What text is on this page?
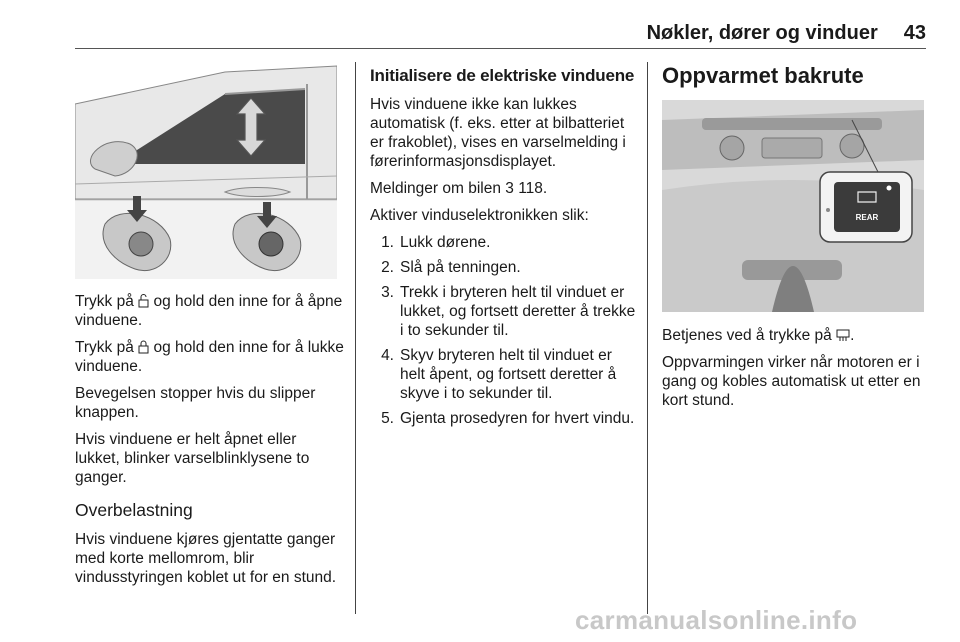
Nøkler, dører og vinduer 43

Trykk på og hold den inne for å åpne vinduene.

Trykk på og hold den inne for å lukke vinduene.

Bevegelsen stopper hvis du slipper knappen.

Hvis vinduene er helt åpnet eller lukket, blinker varselblinklysene to ganger.

Overbelastning

Hvis vinduene kjøres gjentatte ganger med korte mellomrom, blir vindusstyringen koblet ut for en stund.

Initialisere de elektriske vinduene

Hvis vinduene ikke kan lukkes automatisk (f. eks. etter at bilbatteriet er frakoblet), vises en varselmelding i førerinformasjonsdisplayet.

Meldinger om bilen 3 118.

Aktiver vinduselektronikken slik:

1. Lukk dørene.
2. Slå på tenningen.
3. Trekk i bryteren helt til vinduet er lukket, og fortsett deretter å trekke i to sekunder til.
4. Skyv bryteren helt til vinduet er helt åpent, og fortsett deretter å skyve i to sekunder til.
5. Gjenta prosedyren for hvert vindu.
Oppvarmet bakrute
REAR

Betjenes ved å trykke på .

Oppvarmingen virker når motoren er i gang og kobles automatisk ut etter en kort stund.

carmanualsonline.info
